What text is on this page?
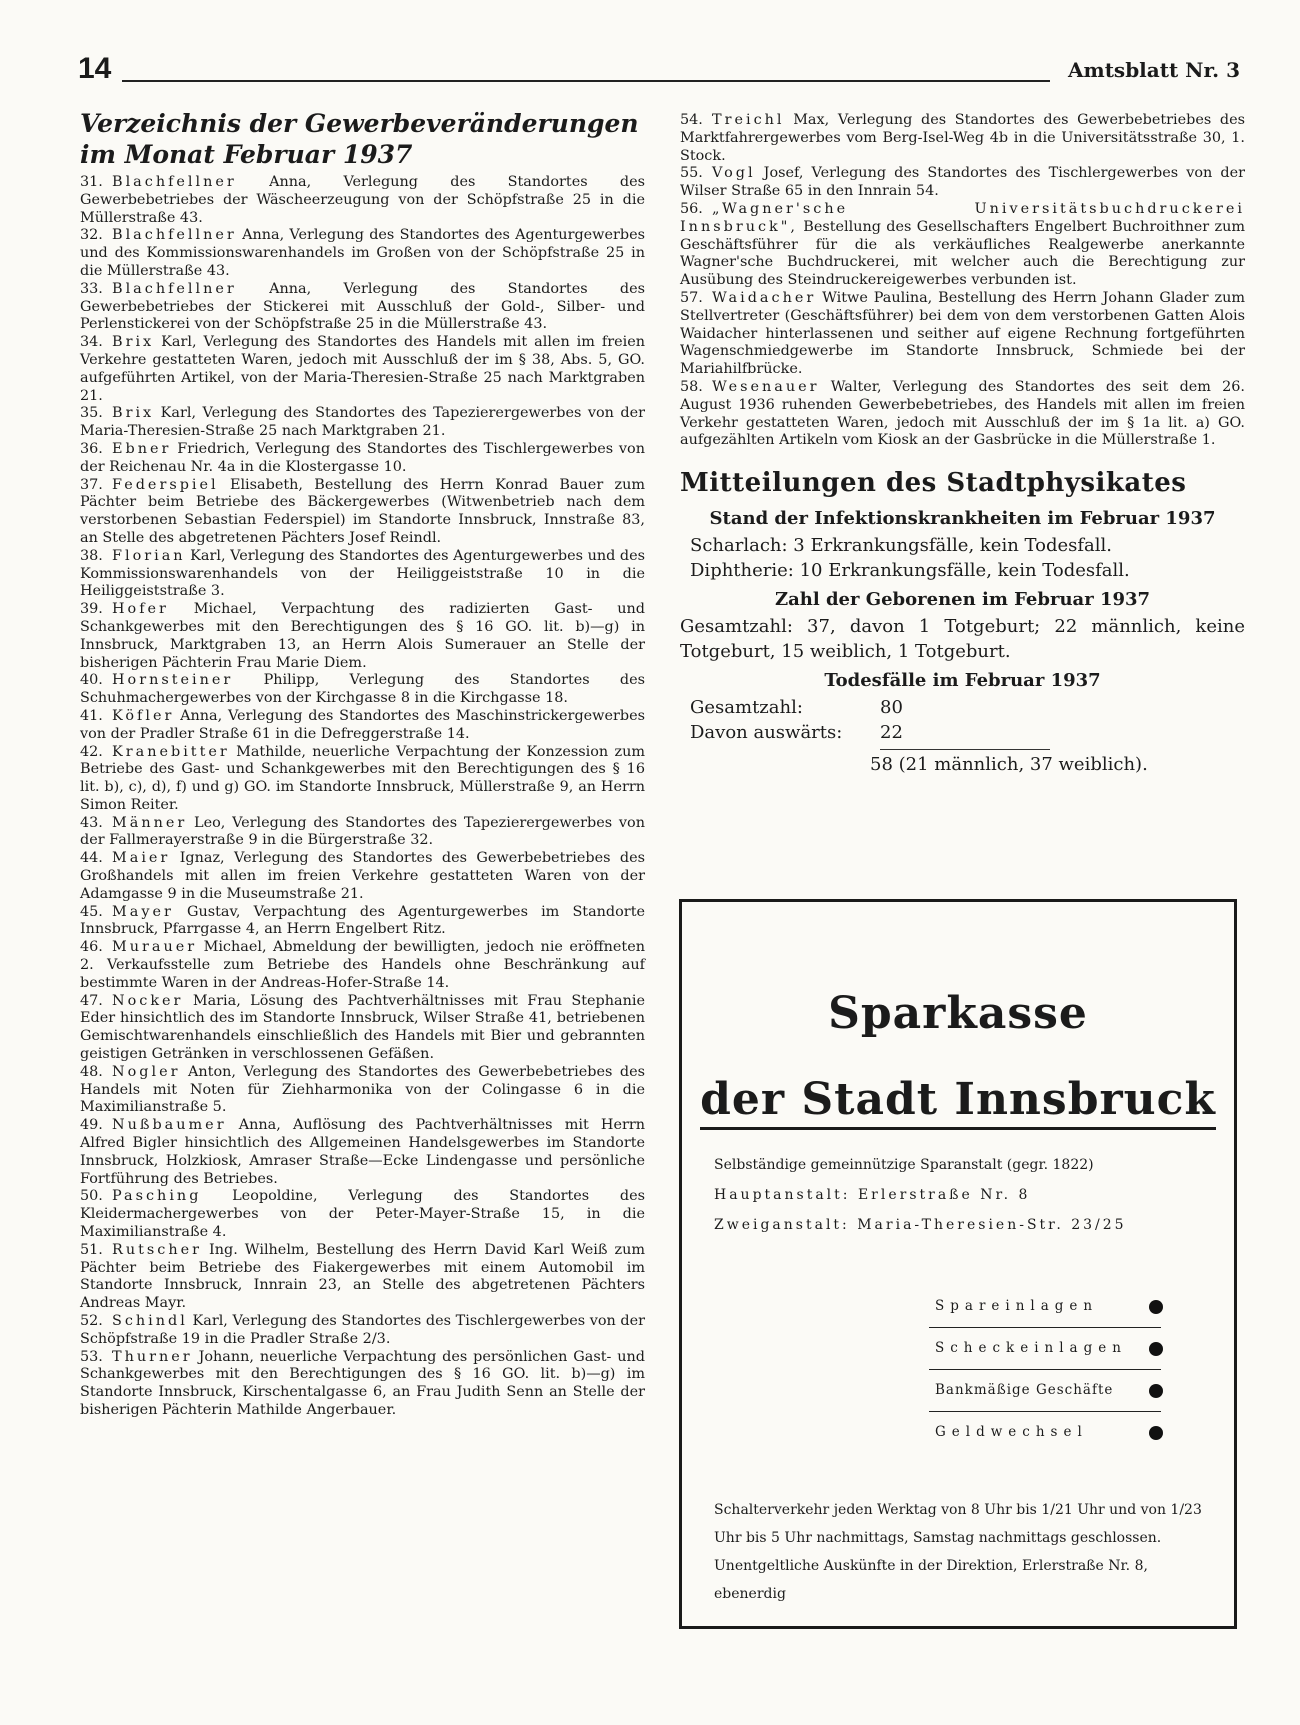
14	Amtsblatt Nr. 3
Verzeichnis der Gewerbeveränderungen im Monat Februar 1937

31. Blachfellner Anna, Verlegung des Standortes des Gewerbebetriebes der Wäscheerzeugung von der Schöpfstraße 25 in die Müllerstraße 43.

32. Blachfellner Anna, Verlegung des Standortes des Agenturgewerbes und des Kommissionswarenhandels im Großen von der Schöpfstraße 25 in die Müllerstraße 43.

33. Blachfellner Anna, Verlegung des Standortes des Gewerbebetriebes der Stickerei mit Ausschluß der Gold-, Silber- und Perlenstickerei von der Schöpfstraße 25 in die Müllerstraße 43.

34. Brix Karl, Verlegung des Standortes des Handels mit allen im freien Verkehre gestatteten Waren, jedoch mit Ausschluß der im § 38, Abs. 5, GO. aufgeführten Artikel, von der Maria-Theresien-Straße 25 nach Marktgraben 21.

35. Brix Karl, Verlegung des Standortes des Tapezierergewerbes von der Maria-Theresien-Straße 25 nach Marktgraben 21.

36. Ebner Friedrich, Verlegung des Standortes des Tischlergewerbes von der Reichenau Nr. 4a in die Klostergasse 10.

37. Federspiel Elisabeth, Bestellung des Herrn Konrad Bauer zum Pächter beim Betriebe des Bäckergewerbes (Witwenbetrieb nach dem verstorbenen Sebastian Federspiel) im Standorte Innsbruck, Innstraße 83, an Stelle des abgetretenen Pächters Josef Reindl.

38. Florian Karl, Verlegung des Standortes des Agenturgewerbes und des Kommissionswarenhandels von der Heiliggeiststraße 10 in die Heiliggeiststraße 3.

39. Hofer Michael, Verpachtung des radizierten Gast- und Schankgewerbes mit den Berechtigungen des § 16 GO. lit. b)—g) in Innsbruck, Marktgraben 13, an Herrn Alois Sumerauer an Stelle der bisherigen Pächterin Frau Marie Diem.

40. Hornsteiner Philipp, Verlegung des Standortes des Schuhmachergewerbes von der Kirchgasse 8 in die Kirchgasse 18.

41. Köfler Anna, Verlegung des Standortes des Maschinstrickergewerbes von der Pradler Straße 61 in die Defreggerstraße 14.

42. Kranebitter Mathilde, neuerliche Verpachtung der Konzession zum Betriebe des Gast- und Schankgewerbes mit den Berechtigungen des § 16 lit. b), c), d), f) und g) GO. im Standorte Innsbruck, Müllerstraße 9, an Herrn Simon Reiter.

43. Männer Leo, Verlegung des Standortes des Tapezierergewerbes von der Fallmerayerstraße 9 in die Bürgerstraße 32.

44. Maier Ignaz, Verlegung des Standortes des Gewerbebetriebes des Großhandels mit allen im freien Verkehre gestatteten Waren von der Adamgasse 9 in die Museumstraße 21.

45. Mayer Gustav, Verpachtung des Agenturgewerbes im Standorte Innsbruck, Pfarrgasse 4, an Herrn Engelbert Ritz.

46. Murauer Michael, Abmeldung der bewilligten, jedoch nie eröffneten 2. Verkaufsstelle zum Betriebe des Handels ohne Beschränkung auf bestimmte Waren in der Andreas-Hofer-Straße 14.

47. Nocker Maria, Lösung des Pachtverhältnisses mit Frau Stephanie Eder hinsichtlich des im Standorte Innsbruck, Wilser Straße 41, betriebenen Gemischtwarenhandels einschließlich des Handels mit Bier und gebrannten geistigen Getränken in verschlossenen Gefäßen.

48. Nogler Anton, Verlegung des Standortes des Gewerbebetriebes des Handels mit Noten für Ziehharmonika von der Colingasse 6 in die Maximilianstraße 5.

49. Nußbaumer Anna, Auflösung des Pachtverhältnisses mit Herrn Alfred Bigler hinsichtlich des Allgemeinen Handelsgewerbes im Standorte Innsbruck, Holzkiosk, Amraser Straße—Ecke Lindengasse und persönliche Fortführung des Betriebes.

50. Pasching Leopoldine, Verlegung des Standortes des Kleidermachergewerbes von der Peter-Mayer-Straße 15, in die Maximilianstraße 4.

51. Rutscher Ing. Wilhelm, Bestellung des Herrn David Karl Weiß zum Pächter beim Betriebe des Fiakergewerbes mit einem Automobil im Standorte Innsbruck, Innrain 23, an Stelle des abgetretenen Pächters Andreas Mayr.

52. Schindl Karl, Verlegung des Standortes des Tischlergewerbes von der Schöpfstraße 19 in die Pradler Straße 2/3.

53. Thurner Johann, neuerliche Verpachtung des persönlichen Gast- und Schankgewerbes mit den Berechtigungen des § 16 GO. lit. b)—g) im Standorte Innsbruck, Kirschentalgasse 6, an Frau Judith Senn an Stelle der bisherigen Pächterin Mathilde Angerbauer.

54. Treichl Max, Verlegung des Standortes des Gewerbebetriebes des Marktfahrergewerbes vom Berg-Isel-Weg 4b in die Universitätsstraße 30, 1. Stock.

55. Vogl Josef, Verlegung des Standortes des Tischlergewerbes von der Wilser Straße 65 in den Innrain 54.

56. „Wagner'sche Universitätsbuchdruckerei Innsbruck", Bestellung des Gesellschafters Engelbert Buchroithner zum Geschäftsführer für die als verkäufliches Realgewerbe anerkannte Wagner'sche Buchdruckerei, mit welcher auch die Berechtigung zur Ausübung des Steindruckereigewerbes verbunden ist.

57. Waidacher Witwe Paulina, Bestellung des Herrn Johann Glader zum Stellvertreter (Geschäftsführer) bei dem von dem verstorbenen Gatten Alois Waidacher hinterlassenen und seither auf eigene Rechnung fortgeführten Wagenschmiedgewerbe im Standorte Innsbruck, Schmiede bei der Mariahilfbrücke.

58. Wesenauer Walter, Verlegung des Standortes des seit dem 26. August 1936 ruhenden Gewerbebetriebes, des Handels mit allen im freien Verkehr gestatteten Waren, jedoch mit Ausschluß der im § 1a lit. a) GO. aufgezählten Artikeln vom Kiosk an der Gasbrücke in die Müllerstraße 1.

Mitteilungen des Stadtphysikates
Stand der Infektionskrankheiten im Februar 1937

Scharlach: 3 Erkrankungsfälle, kein Todesfall.

Diphtherie: 10 Erkrankungsfälle, kein Todesfall.

Zahl der Geborenen im Februar 1937

Gesamtzahl: 37, davon 1 Totgeburt; 22 männlich, keine Totgeburt, 15 weiblich, 1 Totgeburt.

Todesfälle im Februar 1937
Gesamtzahl:	80
Davon auswärts: 22
58 (21 männlich, 37 weiblich).
Sparkasse
der Stadt Innsbruck
Selbständige gemeinnützige Sparanstalt (gegr. 1822)
Hauptanstalt: Erlerstraße Nr. 8
Zweiganstalt: Maria-Theresien-Str. 23/25
Spareinlagen
Scheckeinlagen
Bankmäßige Geschäfte
Geldwechsel
Schalterverkehr jeden Werktag von 8 Uhr bis 1/21 Uhr und von 1/23 Uhr bis 5 Uhr nachmittags, Samstag nachmittags geschlossen. Unentgeltliche Auskünfte in der Direktion, Erlerstraße Nr. 8, ebenerdig
